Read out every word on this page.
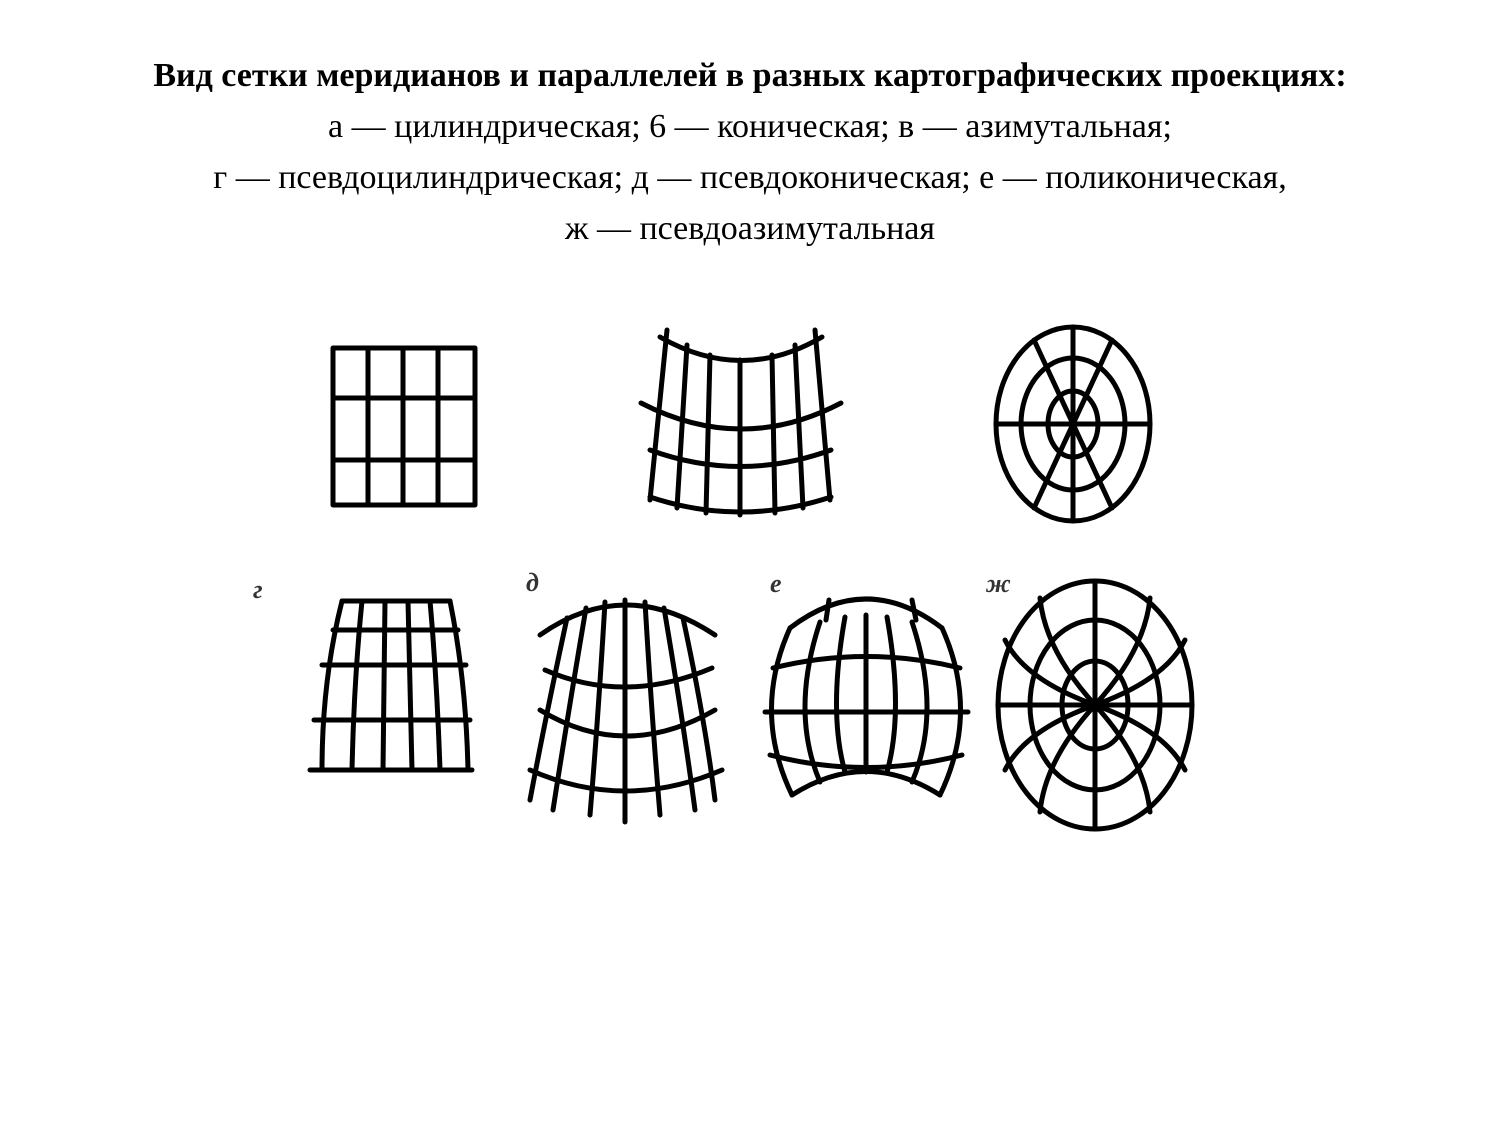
Вид сетки меридианов и параллелей в разных картографических проекциях:
а — цилиндрическая; 6 — коническая; в — азимутальная;
г — псевдоцилиндрическая; д — псевдоконическая; е — поликоническая,
ж — псевдоазимутальная
г	д	е	ж
